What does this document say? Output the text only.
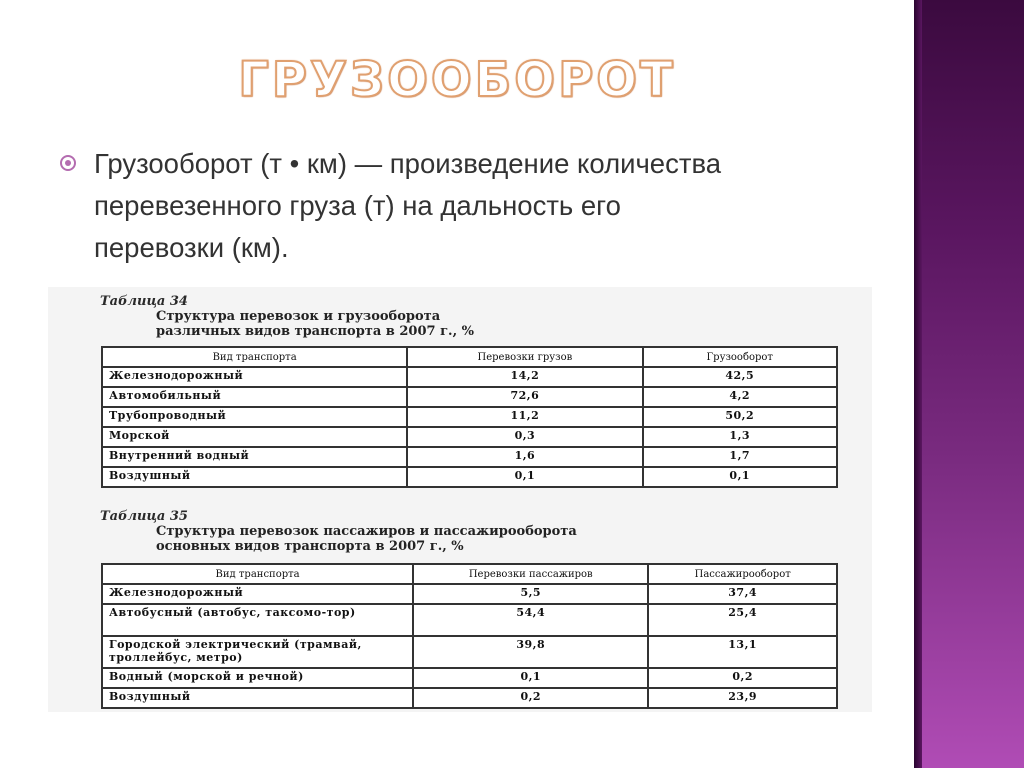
ГРУЗООБОРОТ
Грузооборот (т • км) — произведение количества перевезенного груза (т) на дальность его перевозки (км).
Таблица 34
Структура перевозок и грузооборота
различных видов транспорта в 2007 г., %
Вид транспорта	Перевозки грузов	Грузооборот
Железнодорожный	14,2	42,5
Автомобильный	72,6	4,2
Трубопроводный	11,2	50,2
Морской	0,3	1,3
Внутренний водный	1,6	1,7
Воздушный	0,1	0,1
Таблица 35
Структура перевозок пассажиров и пассажирооборота
основных видов транспорта в 2007 г., %
Вид транспорта	Перевозки пассажиров	Пассажирооборот
Железнодорожный	5,5	37,4
Автобусный (автобус, таксомо-тор)	54,4	25,4
Городской электрический (трамвай, троллейбус, метро)	39,8	13,1
Водный (морской и речной)	0,1	0,2
Воздушный	0,2	23,9
